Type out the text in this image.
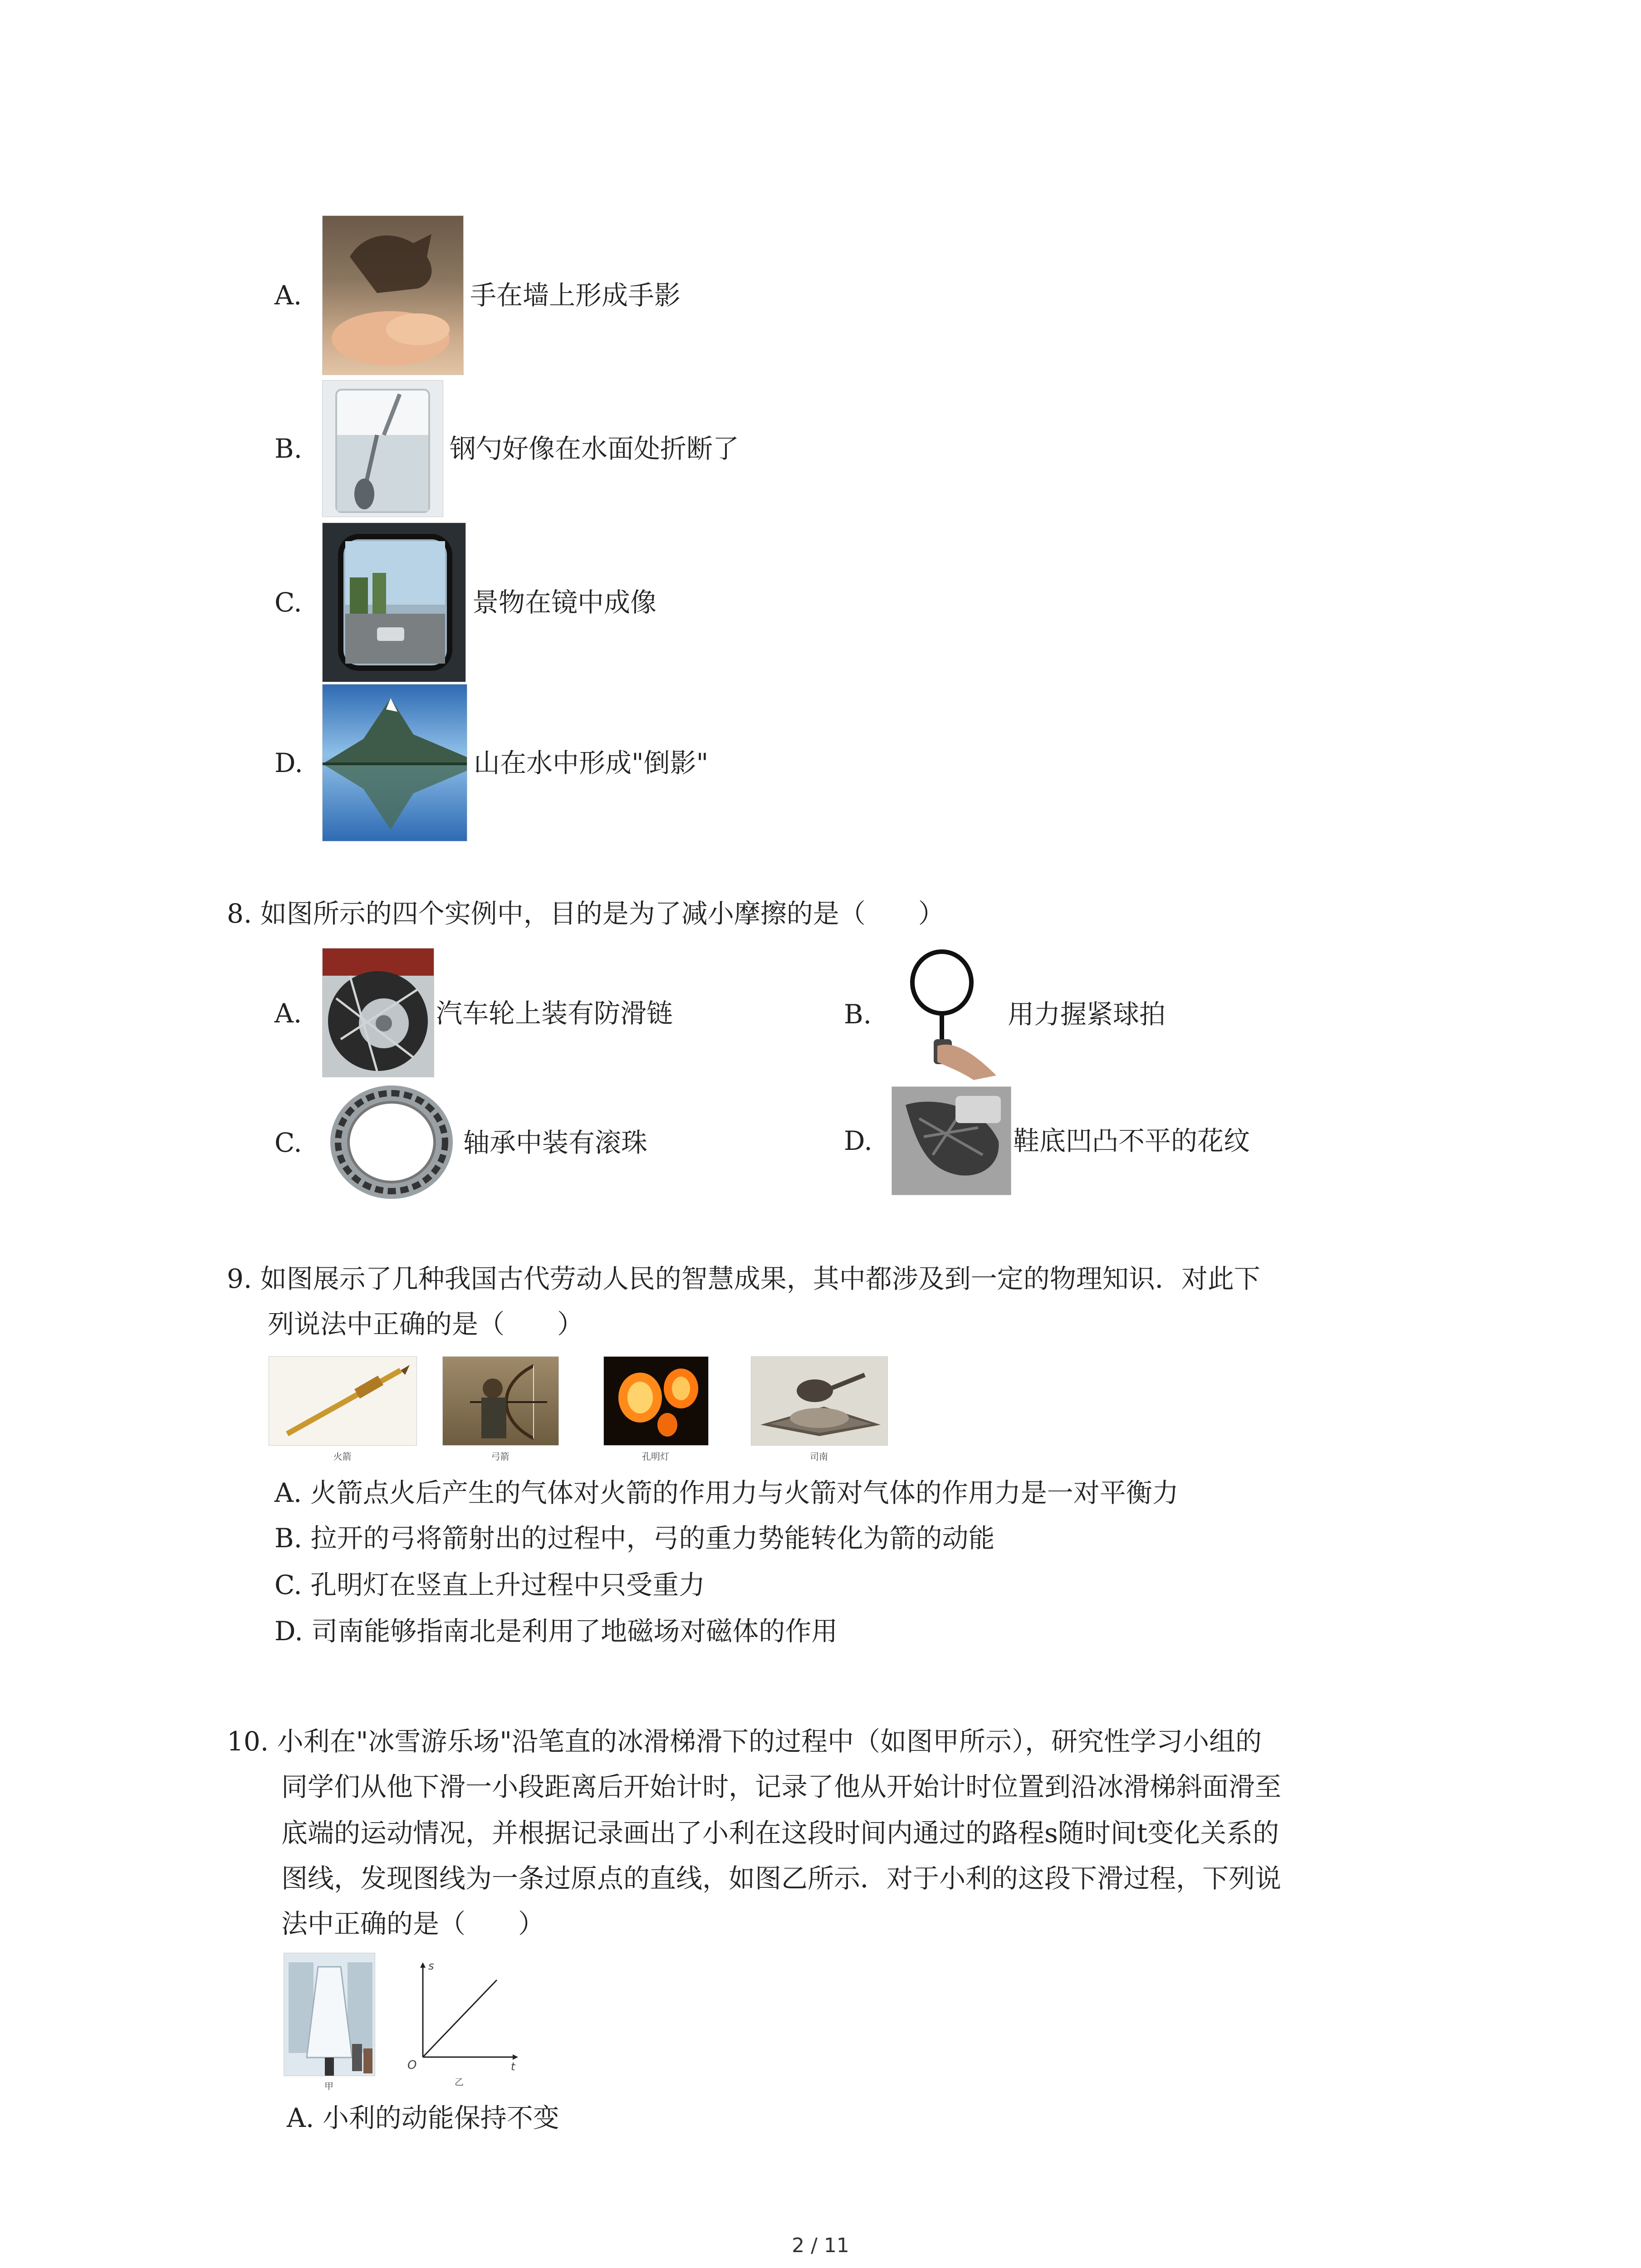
A.	手在墙上形成手影
B.	钢勺好像在水面处折断了
C.	景物在镜中成像
D.	山在水中形成"倒影"
8. 如图所示的四个实例中，目的是为了减小摩擦的是（　　）
A.	汽车轮上装有防滑链	B.	用力握紧球拍
C.	轴承中装有滚珠	D.	鞋底凹凸不平的花纹
9. 如图展示了几种我国古代劳动人民的智慧成果，其中都涉及到一定的物理知识．对此下
列说法中正确的是（　　）
火箭	弓箭	孔明灯	司南
A. 火箭点火后产生的气体对火箭的作用力与火箭对气体的作用力是一对平衡力
B. 拉开的弓将箭射出的过程中，弓的重力势能转化为箭的动能
C. 孔明灯在竖直上升过程中只受重力
D. 司南能够指南北是利用了地磁场对磁体的作用
10. 小利在"冰雪游乐场"沿笔直的冰滑梯滑下的过程中（如图甲所示），研究性学习小组的
同学们从他下滑一小段距离后开始计时，记录了他从开始计时位置到沿冰滑梯斜面滑至
底端的运动情况，并根据记录画出了小利在这段时间内通过的路程s随时间t变化关系的
图线，发现图线为一条过原点的直线，如图乙所示．对于小利的这段下滑过程，下列说
法中正确的是（　　）
甲
s
t
O
乙
A. 小利的动能保持不变
2 / 11
